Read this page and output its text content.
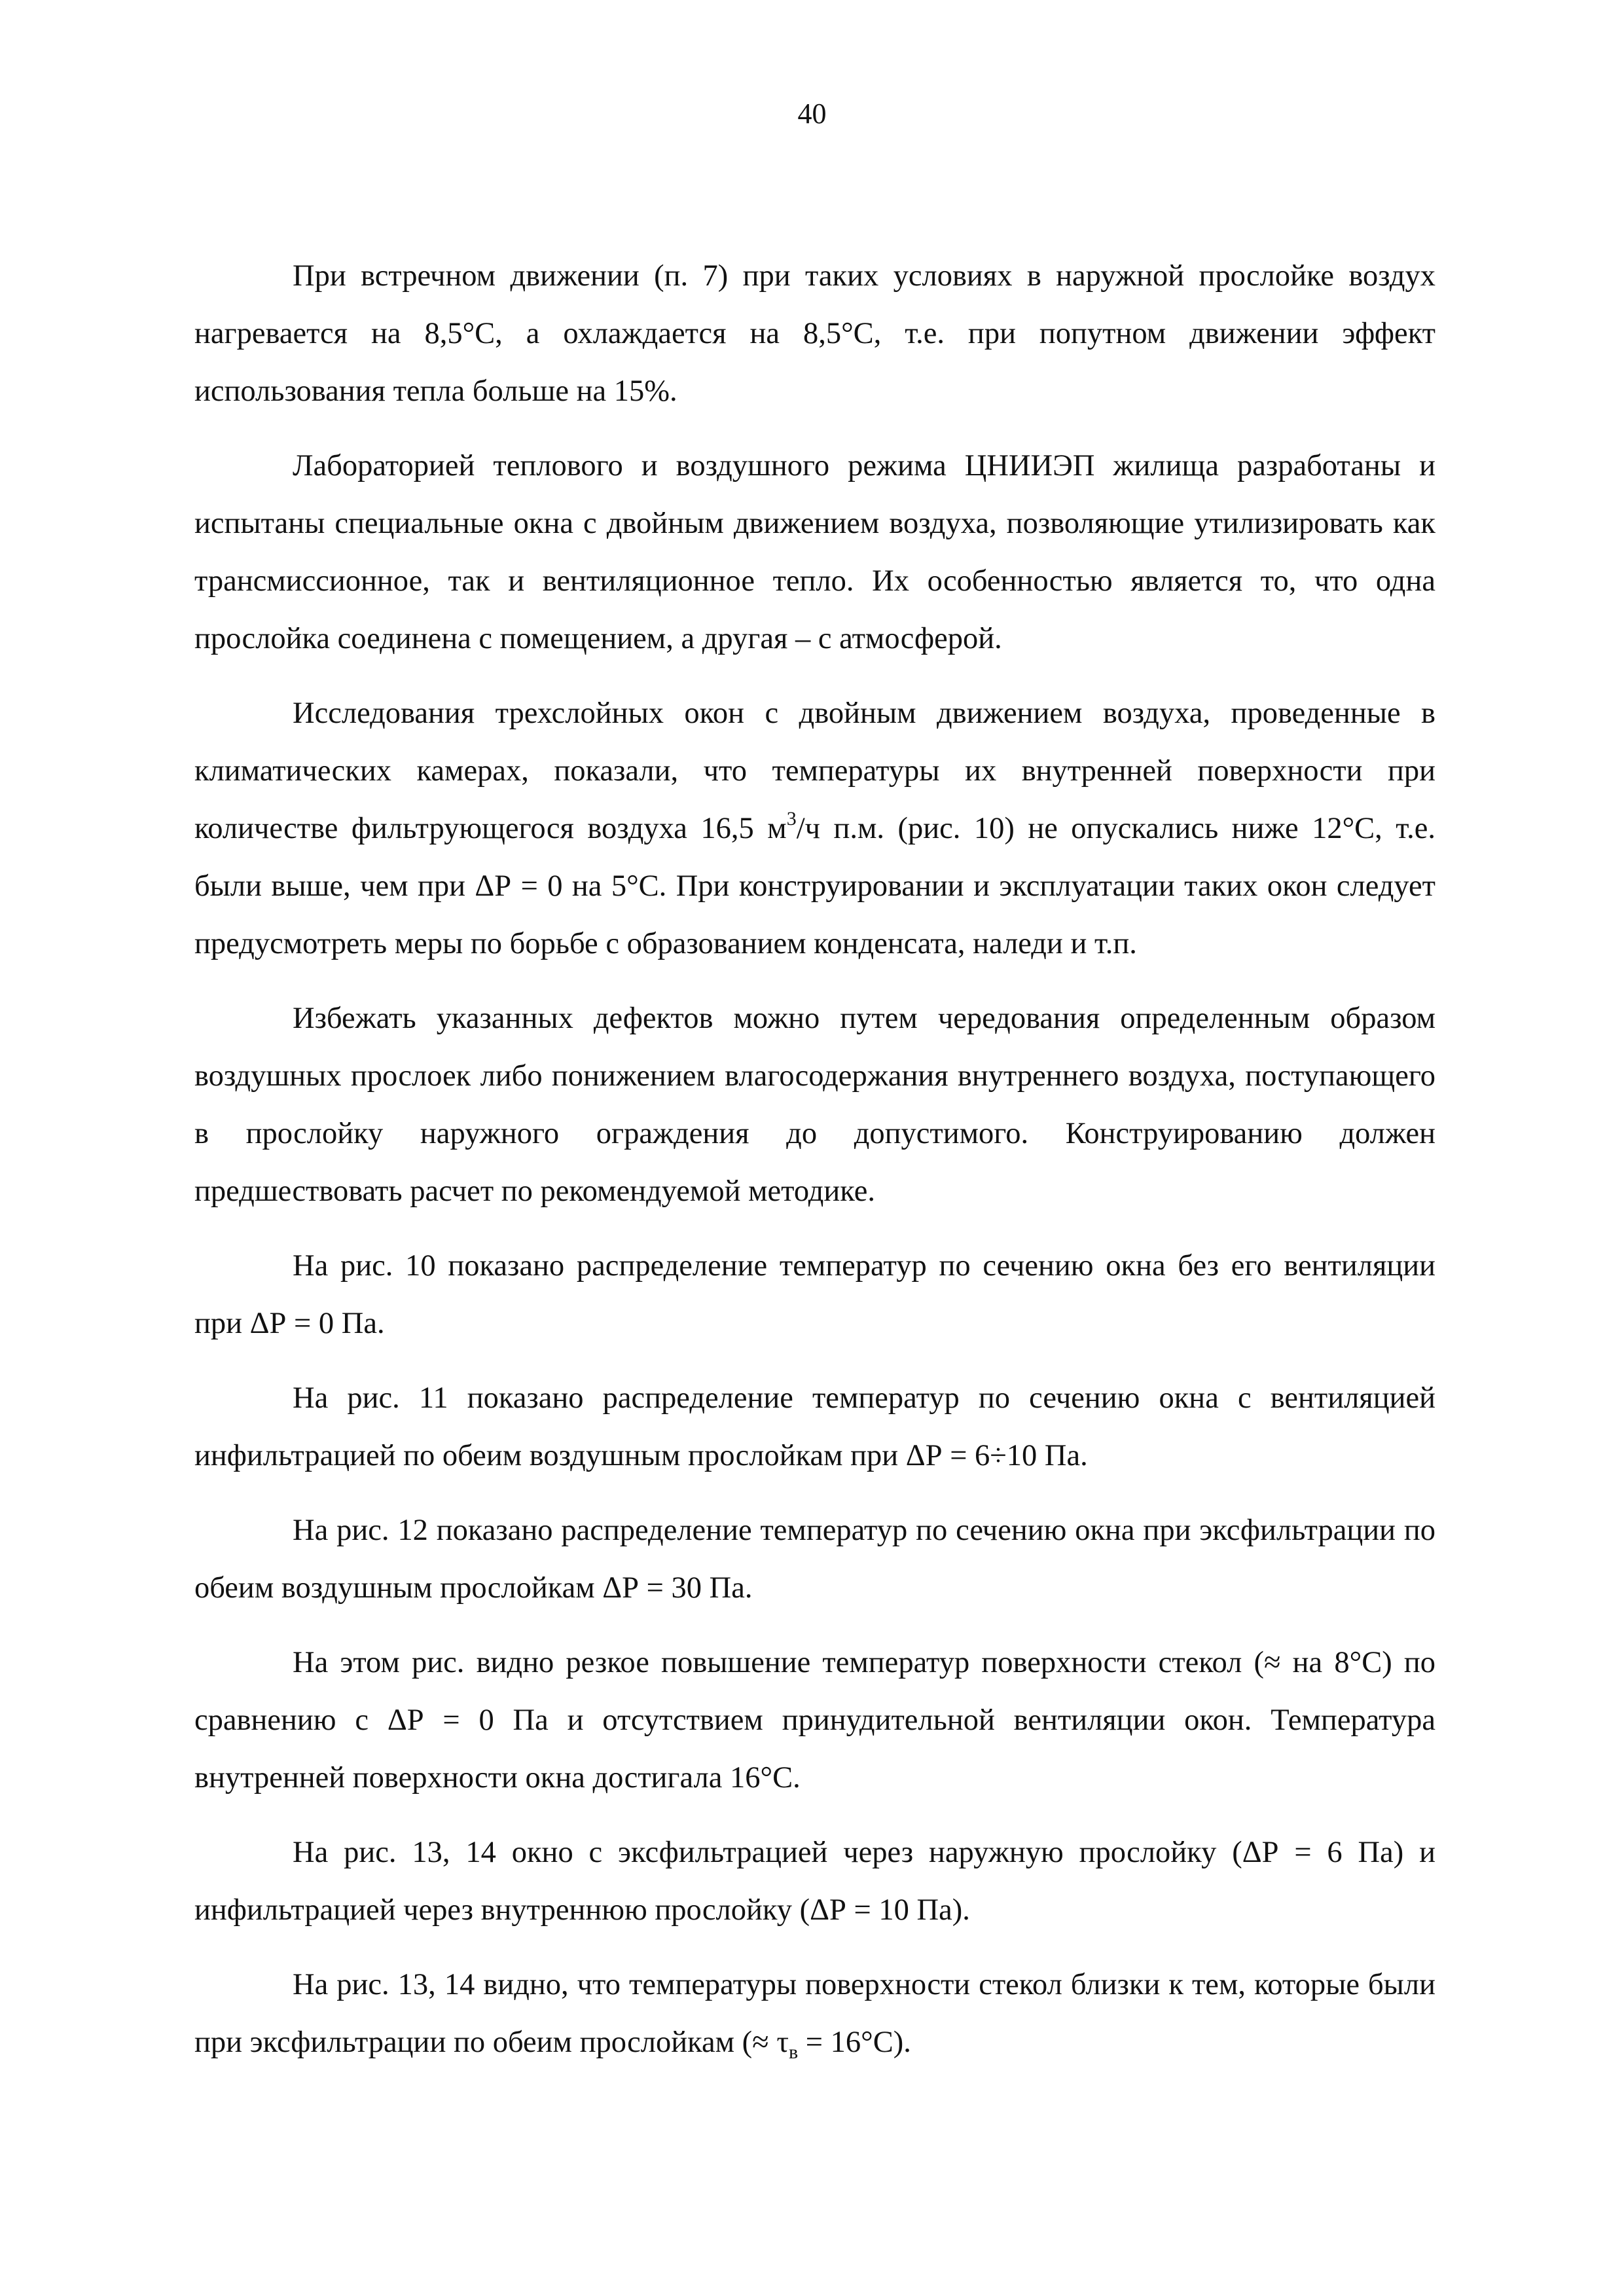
40

При встречном движении (п. 7) при таких условиях в наружной прослойке воздух нагревается на 8,5°С, а охлаждается на 8,5°С, т.е. при попутном движении эффект использования тепла больше на 15%.

Лабораторией теплового и воздушного режима ЦНИИЭП жилища разработаны и испытаны специальные окна с двойным движением воздуха, позволяющие утилизировать как трансмиссионное, так и вентиляционное тепло. Их особенностью является то, что одна прослойка соединена с помещением, а другая – с атмосферой.

Исследования трехслойных окон с двойным движением воздуха, проведенные в климатических камерах, показали, что температуры их внутренней поверхности при количестве фильтрующегося воздуха 16,5 $м^3/ч$ п.м. (рис. 10) не опускались ниже 12°С, т.е. были выше, чем при ΔР = 0 на 5°С. При конструировании и эксплуатации таких окон следует предусмотреть меры по борьбе с образованием конденсата, наледи и т.п.

Избежать указанных дефектов можно путем чередования определенным образом воздушных прослоек либо понижением влагосодержания внутреннего воздуха, поступающего в прослойку наружного ограждения до допустимого. Конструированию должен предшествовать расчет по рекомендуемой методике.

На рис. 10 показано распределение температур по сечению окна без его вентиляции при ΔР = 0 Па.

На рис. 11 показано распределение температур по сечению окна с вентиляцией инфильтрацией по обеим воздушным прослойкам при ΔР = 6÷10 Па.

На рис. 12 показано распределение температур по сечению окна при эксфильтрации по обеим воздушным прослойкам ΔР = 30 Па.

На этом рис. видно резкое повышение температур поверхности стекол (≈ на 8°С) по сравнению с ΔР = 0 Па и отсутствием принудительной вентиляции окон. Температура внутренней поверхности окна достигала 16°С.

На рис. 13, 14 окно с эксфильтрацией через наружную прослойку (ΔР = 6 Па) и инфильтрацией через внутреннюю прослойку (ΔР = 10 Па).

На рис. 13, 14 видно, что температуры поверхности стекол близки к тем, которые были при эксфильтрации по обеим прослойкам (≈ $\tau_в = 16^\circ С$).
